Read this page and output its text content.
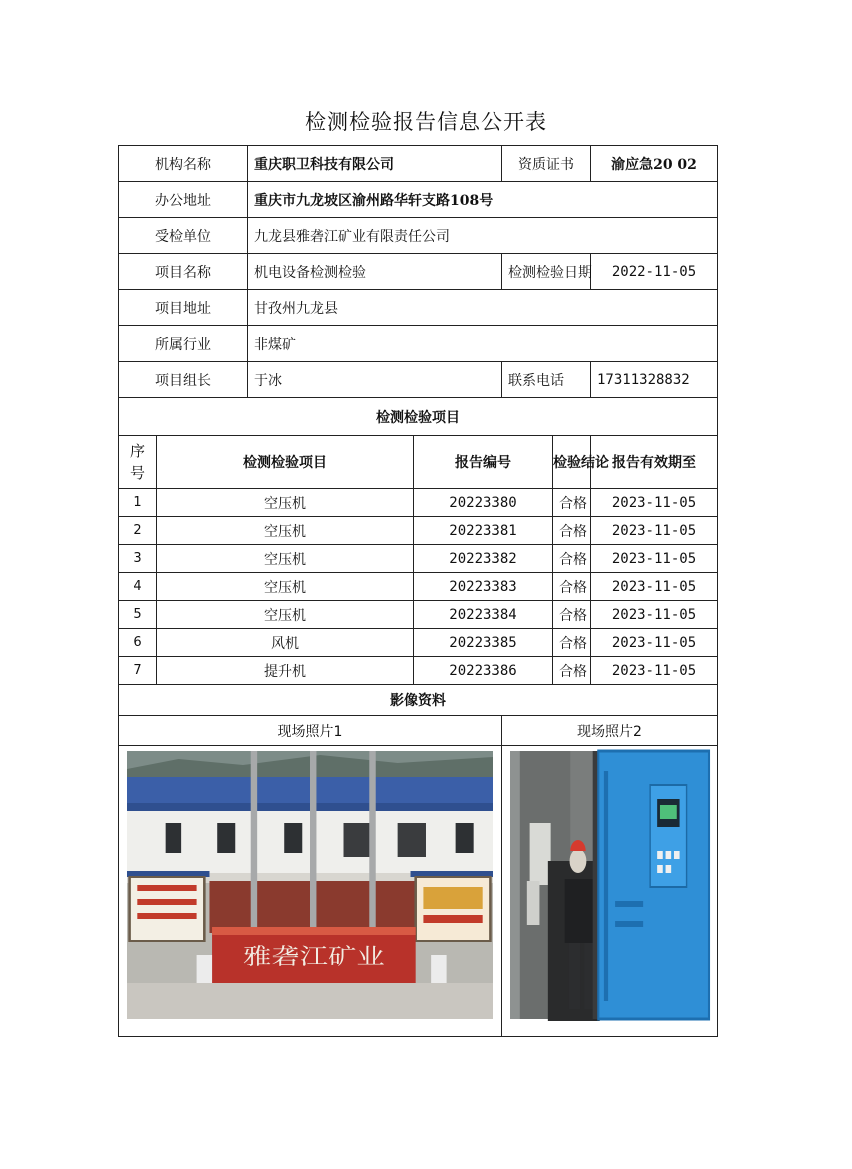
检测检验报告信息公开表
机构名称		重庆职卫科技有限公司		资质证书		渝应急20 02
办公地址		重庆市九龙坡区渝州路华轩支路108号				
受检单位		九龙县雅砻江矿业有限责任公司				
项目名称		机电设备检测检验		检测检验日期		2022-11-05
项目地址		甘孜州九龙县				
所属行业		非煤矿				
项目组长		于冰		联系电话		17311328832
检测检验项目						
序号	检测检验项目		报告编号		检验结论	报告有效期至
1	空压机		20223380		合格	2023-11-05
2	空压机		20223381		合格	2023-11-05
3	空压机		20223382		合格	2023-11-05
4	空压机		20223383		合格	2023-11-05
5	空压机		20223384		合格	2023-11-05
6	风机		20223385		合格	2023-11-05
7	提升机		20223386		合格	2023-11-05
影像资料						
现场照片1				现场照片2		

雅砻江矿业
